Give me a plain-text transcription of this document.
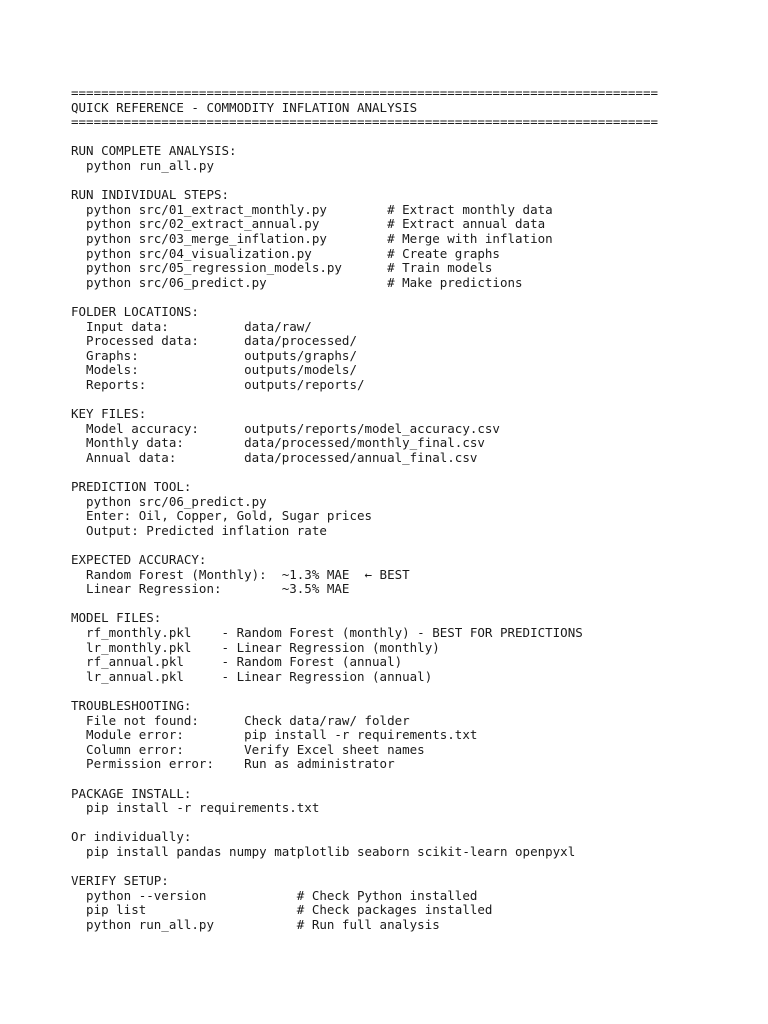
==============================================================================
QUICK REFERENCE - COMMODITY INFLATION ANALYSIS
==============================================================================
RUN COMPLETE ANALYSIS:
python run_all.py
RUN INDIVIDUAL STEPS:
python src/01_extract_monthly.py        # Extract monthly data
python src/02_extract_annual.py         # Extract annual data
python src/03_merge_inflation.py        # Merge with inflation
python src/04_visualization.py          # Create graphs
python src/05_regression_models.py      # Train models
python src/06_predict.py                # Make predictions
FOLDER LOCATIONS:
Input data:          data/raw/
Processed data:      data/processed/
Graphs:              outputs/graphs/
Models:              outputs/models/
Reports:             outputs/reports/
KEY FILES:
Model accuracy:      outputs/reports/model_accuracy.csv
Monthly data:        data/processed/monthly_final.csv
Annual data:         data/processed/annual_final.csv
PREDICTION TOOL:
python src/06_predict.py
Enter: Oil, Copper, Gold, Sugar prices
Output: Predicted inflation rate
EXPECTED ACCURACY:
Random Forest (Monthly):  ~1.3% MAE  ← BEST
Linear Regression:        ~3.5% MAE
MODEL FILES:
rf_monthly.pkl    - Random Forest (monthly) - BEST FOR PREDICTIONS
lr_monthly.pkl    - Linear Regression (monthly)
rf_annual.pkl     - Random Forest (annual)
lr_annual.pkl     - Linear Regression (annual)
TROUBLESHOOTING:
File not found:      Check data/raw/ folder
Module error:        pip install -r requirements.txt
Column error:        Verify Excel sheet names
Permission error:    Run as administrator
PACKAGE INSTALL:
pip install -r requirements.txt
Or individually:
pip install pandas numpy matplotlib seaborn scikit-learn openpyxl
VERIFY SETUP:
python --version            # Check Python installed
pip list                    # Check packages installed
python run_all.py           # Run full analysis
